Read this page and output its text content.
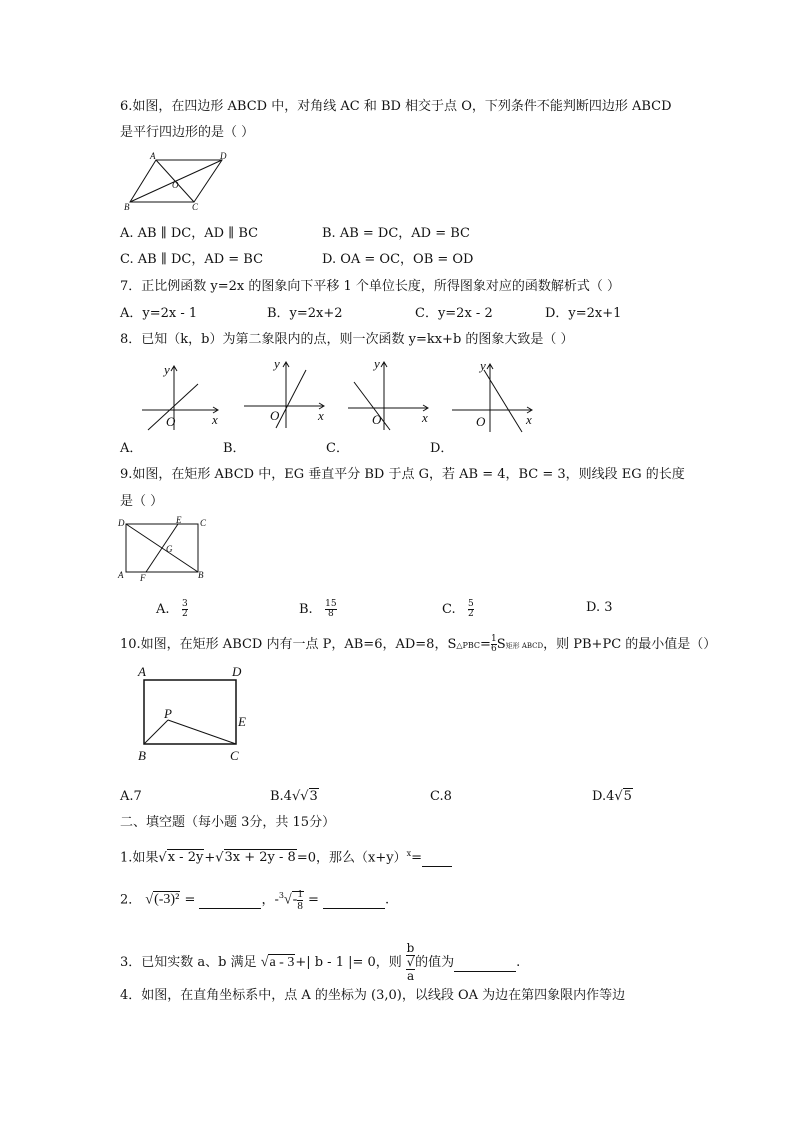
6.如图，在四边形 ABCD 中，对角线 AC 和 BD 相交于点 O，下列条件不能判断四边形 ABCD
是平行四边形的是（ ）
A	D
B	C
O
A. AB ∥ DC，AD ∥ BC	B. AB = DC，AD = BC
C. AB ∥ DC，AD = BC	D. OA = OC，OB = OD
7．正比例函数 y=2x 的图象向下平移 1 个单位长度，所得图象对应的函数解析式（ ）
A．y=2x - 1	B．y=2x+2	C．y=2x - 2	D．y=2x+1
8．已知（k，b）为第二象限内的点，则一次函数 y=kx+b 的图象大致是（ ）
x
y
O	x
y
O	x
y
O	x
y
O
A．	B．	C．	D．
9.如图，在矩形 ABCD 中，EG 垂直平分 BD 于点 G，若 AB = 4，BC = 3，则线段 EG 的长度
是（ ）
D	E C
G
A F	B
A. $\frac{3}{2}$	B. $\frac{15}{8}$	C. $\frac{5}{2}$	D. 3
10.如图，在矩形 ABCD 内有一点 P，AB=6，AD=8，S△PBC= $\frac{1}{6}$ S矩形 ABCD，则 PB+PC 的最小值是（）
A	D
E
P
B	C
A.7	B.4√√3	C.8	D.4√5
二、填空题（每小题 3分，共 15分）
1.如果√x - 2y+√3x + 2y - 8=0，那么$(x+y)^x=$
2． √(-3)² =	，$-^3√- \frac{1}{8}$ =	.
3．已知实数 a、b 满足 √a - 3+| b - 1 |= 0，则 b
√
a 的值为	.
4．如图，在直角坐标系中，点 A 的坐标为 (3,0)，以线段 OA 为边在第四象限内作等边
